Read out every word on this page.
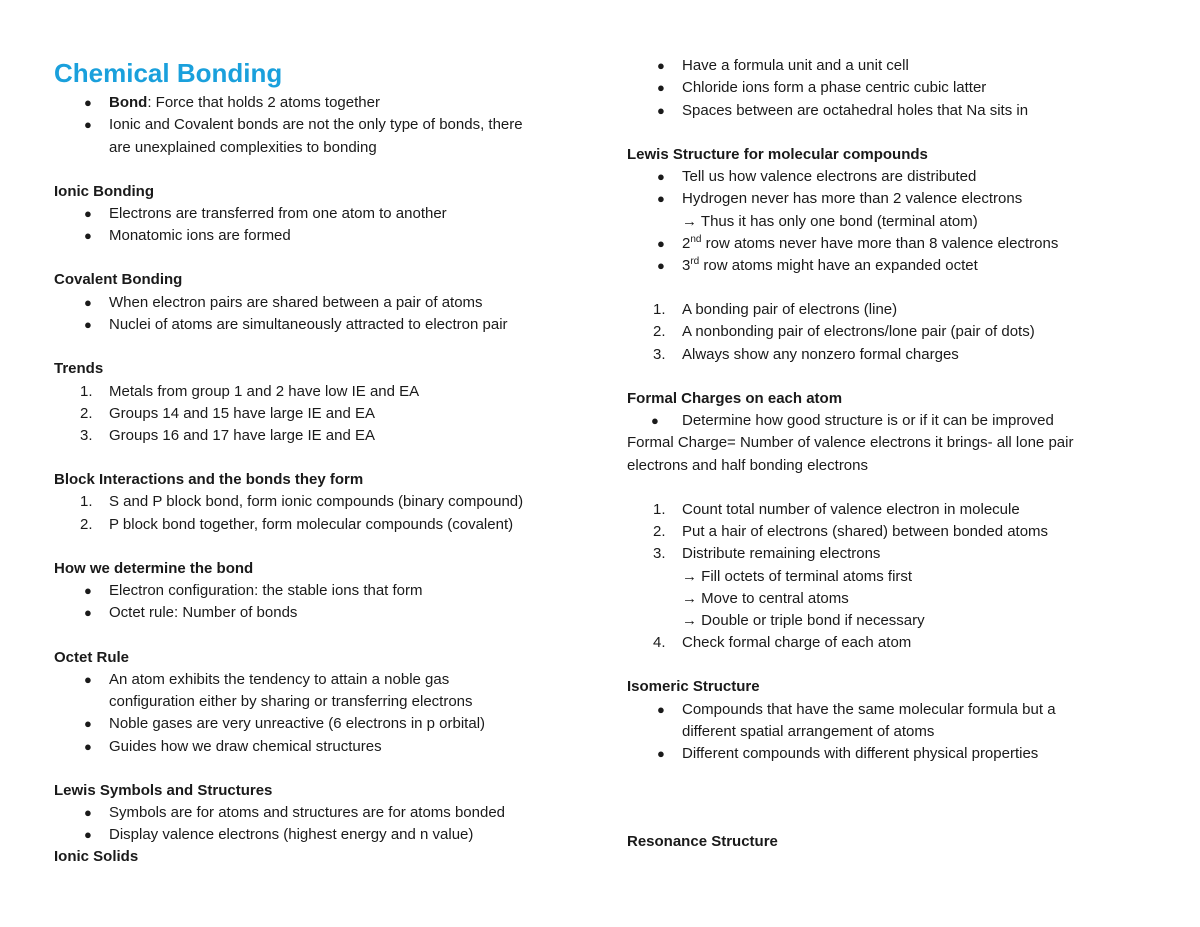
Chemical Bonding
● Bond: Force that holds 2 atoms together
● Ionic and Covalent bonds are not the only type of bonds, there
are unexplained complexities to bonding
Ionic Bonding
● Electrons are transferred from one atom to another
● Monatomic ions are formed
Covalent Bonding
● When electron pairs are shared between a pair of atoms
● Nuclei of atoms are simultaneously attracted to electron pair
Trends
1. Metals from group 1 and 2 have low IE and EA
2. Groups 14 and 15 have large IE and EA
3. Groups 16 and 17 have large IE and EA
Block Interactions and the bonds they form
1. S and P block bond, form ionic compounds (binary compound)
2. P block bond together, form molecular compounds (covalent)
How we determine the bond
● Electron configuration: the stable ions that form
● Octet rule: Number of bonds
Octet Rule
● An atom exhibits the tendency to attain a noble gas
configuration either by sharing or transferring electrons
● Noble gases are very unreactive (6 electrons in p orbital)
● Guides how we draw chemical structures
Lewis Symbols and Structures
● Symbols are for atoms and structures are for atoms bonded
● Display valence electrons (highest energy and n value)
Ionic Solids
● Have a formula unit and a unit cell
● Chloride ions form a phase centric cubic latter
● Spaces between are octahedral holes that Na sits in
Lewis Structure for molecular compounds
● Tell us how valence electrons are distributed
● Hydrogen never has more than 2 valence electrons
→ Thus it has only one bond (terminal atom)
● 2nd row atoms never have more than 8 valence electrons
● 3rd row atoms might have an expanded octet
1. A bonding pair of electrons (line)
2. A nonbonding pair of electrons/lone pair (pair of dots)
3. Always show any nonzero formal charges
Formal Charges on each atom
● Determine how good structure is or if it can be improved
Formal Charge= Number of valence electrons it brings- all lone pair
electrons and half bonding electrons
1. Count total number of valence electron in molecule
2. Put a hair of electrons (shared) between bonded atoms
3. Distribute remaining electrons
→ Fill octets of terminal atoms first
→ Move to central atoms
→ Double or triple bond if necessary
4. Check formal charge of each atom
Isomeric Structure
● Compounds that have the same molecular formula but a
different spatial arrangement of atoms
● Different compounds with different physical properties
Resonance Structure
